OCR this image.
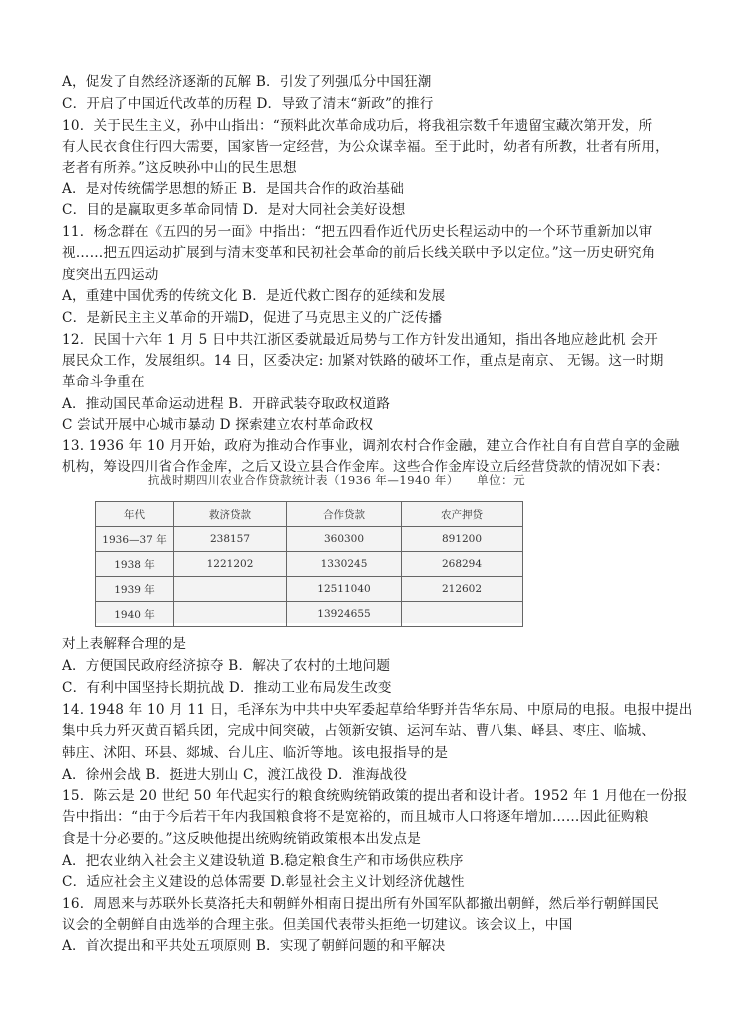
A，促发了自然经济逐渐的瓦解 B．引发了列强瓜分中国狂潮
C．开启了中国近代改革的历程 D．导致了清末“新政”的推行
10．关于民生主义，孙中山指出：“预料此次革命成功后，将我祖宗数千年遗留宝藏次第开发，所
有人民衣食住行四大需要，国家皆一定经营，为公众谋幸福。至于此时，幼者有所教，壮者有所用，
老者有所养。”这反映孙中山的民生思想
A．是对传统儒学思想的矫正 B．是国共合作的政治基础
C．目的是赢取更多革命同情 D．是对大同社会美好设想
11．杨念群在《五四的另一面》中指出：“把五四看作近代历史长程运动中的一个环节重新加以审
视……把五四运动扩展到与清末变革和民初社会革命的前后长线关联中予以定位。”这一历史研究角
度突出五四运动
A，重建中国优秀的传统文化 B．是近代救亡图存的延续和发展
C．是新民主主义革命的开端D，促进了马克思主义的广泛传播
12．民国十六年 1 月 5 日中共江浙区委就最近局势与工作方针发出通知，指出各地应趁此机 会开
展民众工作，发展组织。14 日，区委决定: 加紧对铁路的破坏工作，重点是南京、 无锡。这一时期
革命斗争重在
A．推动国民革命运动进程 B．开辟武装夺取政权道路
C 尝试开展中心城市暴动 D 探索建立农村革命政权
13. 1936 年 10 月开始，政府为推动合作事业，调剂农村合作金融，建立合作社自有自营自享的金融
机构，筹设四川省合作金库，之后又设立县合作金库。这些合作金库设立后经营贷款的情况如下表：
抗战时期四川农业合作贷款统计表（1936 年—1940 年）　　单位：元
年代	救济贷款	合作贷款	农产押贷
1936—37 年	238157	360300	891200
1938 年	1221202	1330245	268294
1939 年		12511040	212602
1940 年		13924655	
对上表解释合理的是
A．方便国民政府经济掠夺 B．解决了农村的土地问题
C．有利中国坚持长期抗战 D．推动工业布局发生改变
14. 1948 年 10 月 11 日，毛泽东为中共中央军委起草给华野并告华东局、中原局的电报。电报中提出
集中兵力歼灭黄百韬兵团，完成中间突破，占领新安镇、运河车站、曹八集、峄县、枣庄、临城、
韩庄、沭阳、环县、郯城、台儿庄、临沂等地。该电报指导的是
A．徐州会战 B．挺进大别山 C，渡江战役 D．淮海战役
15．陈云是 20 世纪 50 年代起实行的粮食统购统销政策的提出者和设计者。1952 年 1 月他在一份报
告中指出：“由于今后若干年内我国粮食将不是宽裕的，而且城市人口将逐年增加……因此征购粮
食是十分必要的。”这反映他提出统购统销政策根本出发点是
A．把农业纳入社会主义建设轨道 B.稳定粮食生产和市场供应秩序
C．适应社会主义建设的总体需要 D.彰显社会主义计划经济优越性
16．周恩来与苏联外长莫洛托夫和朝鲜外相南日提出所有外国军队都撤出朝鲜，然后举行朝鲜国民
议会的全朝鲜自由选举的合理主张。但美国代表带头拒绝一切建议。该会议上，中国
A．首次提出和平共处五项原则 B．实现了朝鲜问题的和平解决
